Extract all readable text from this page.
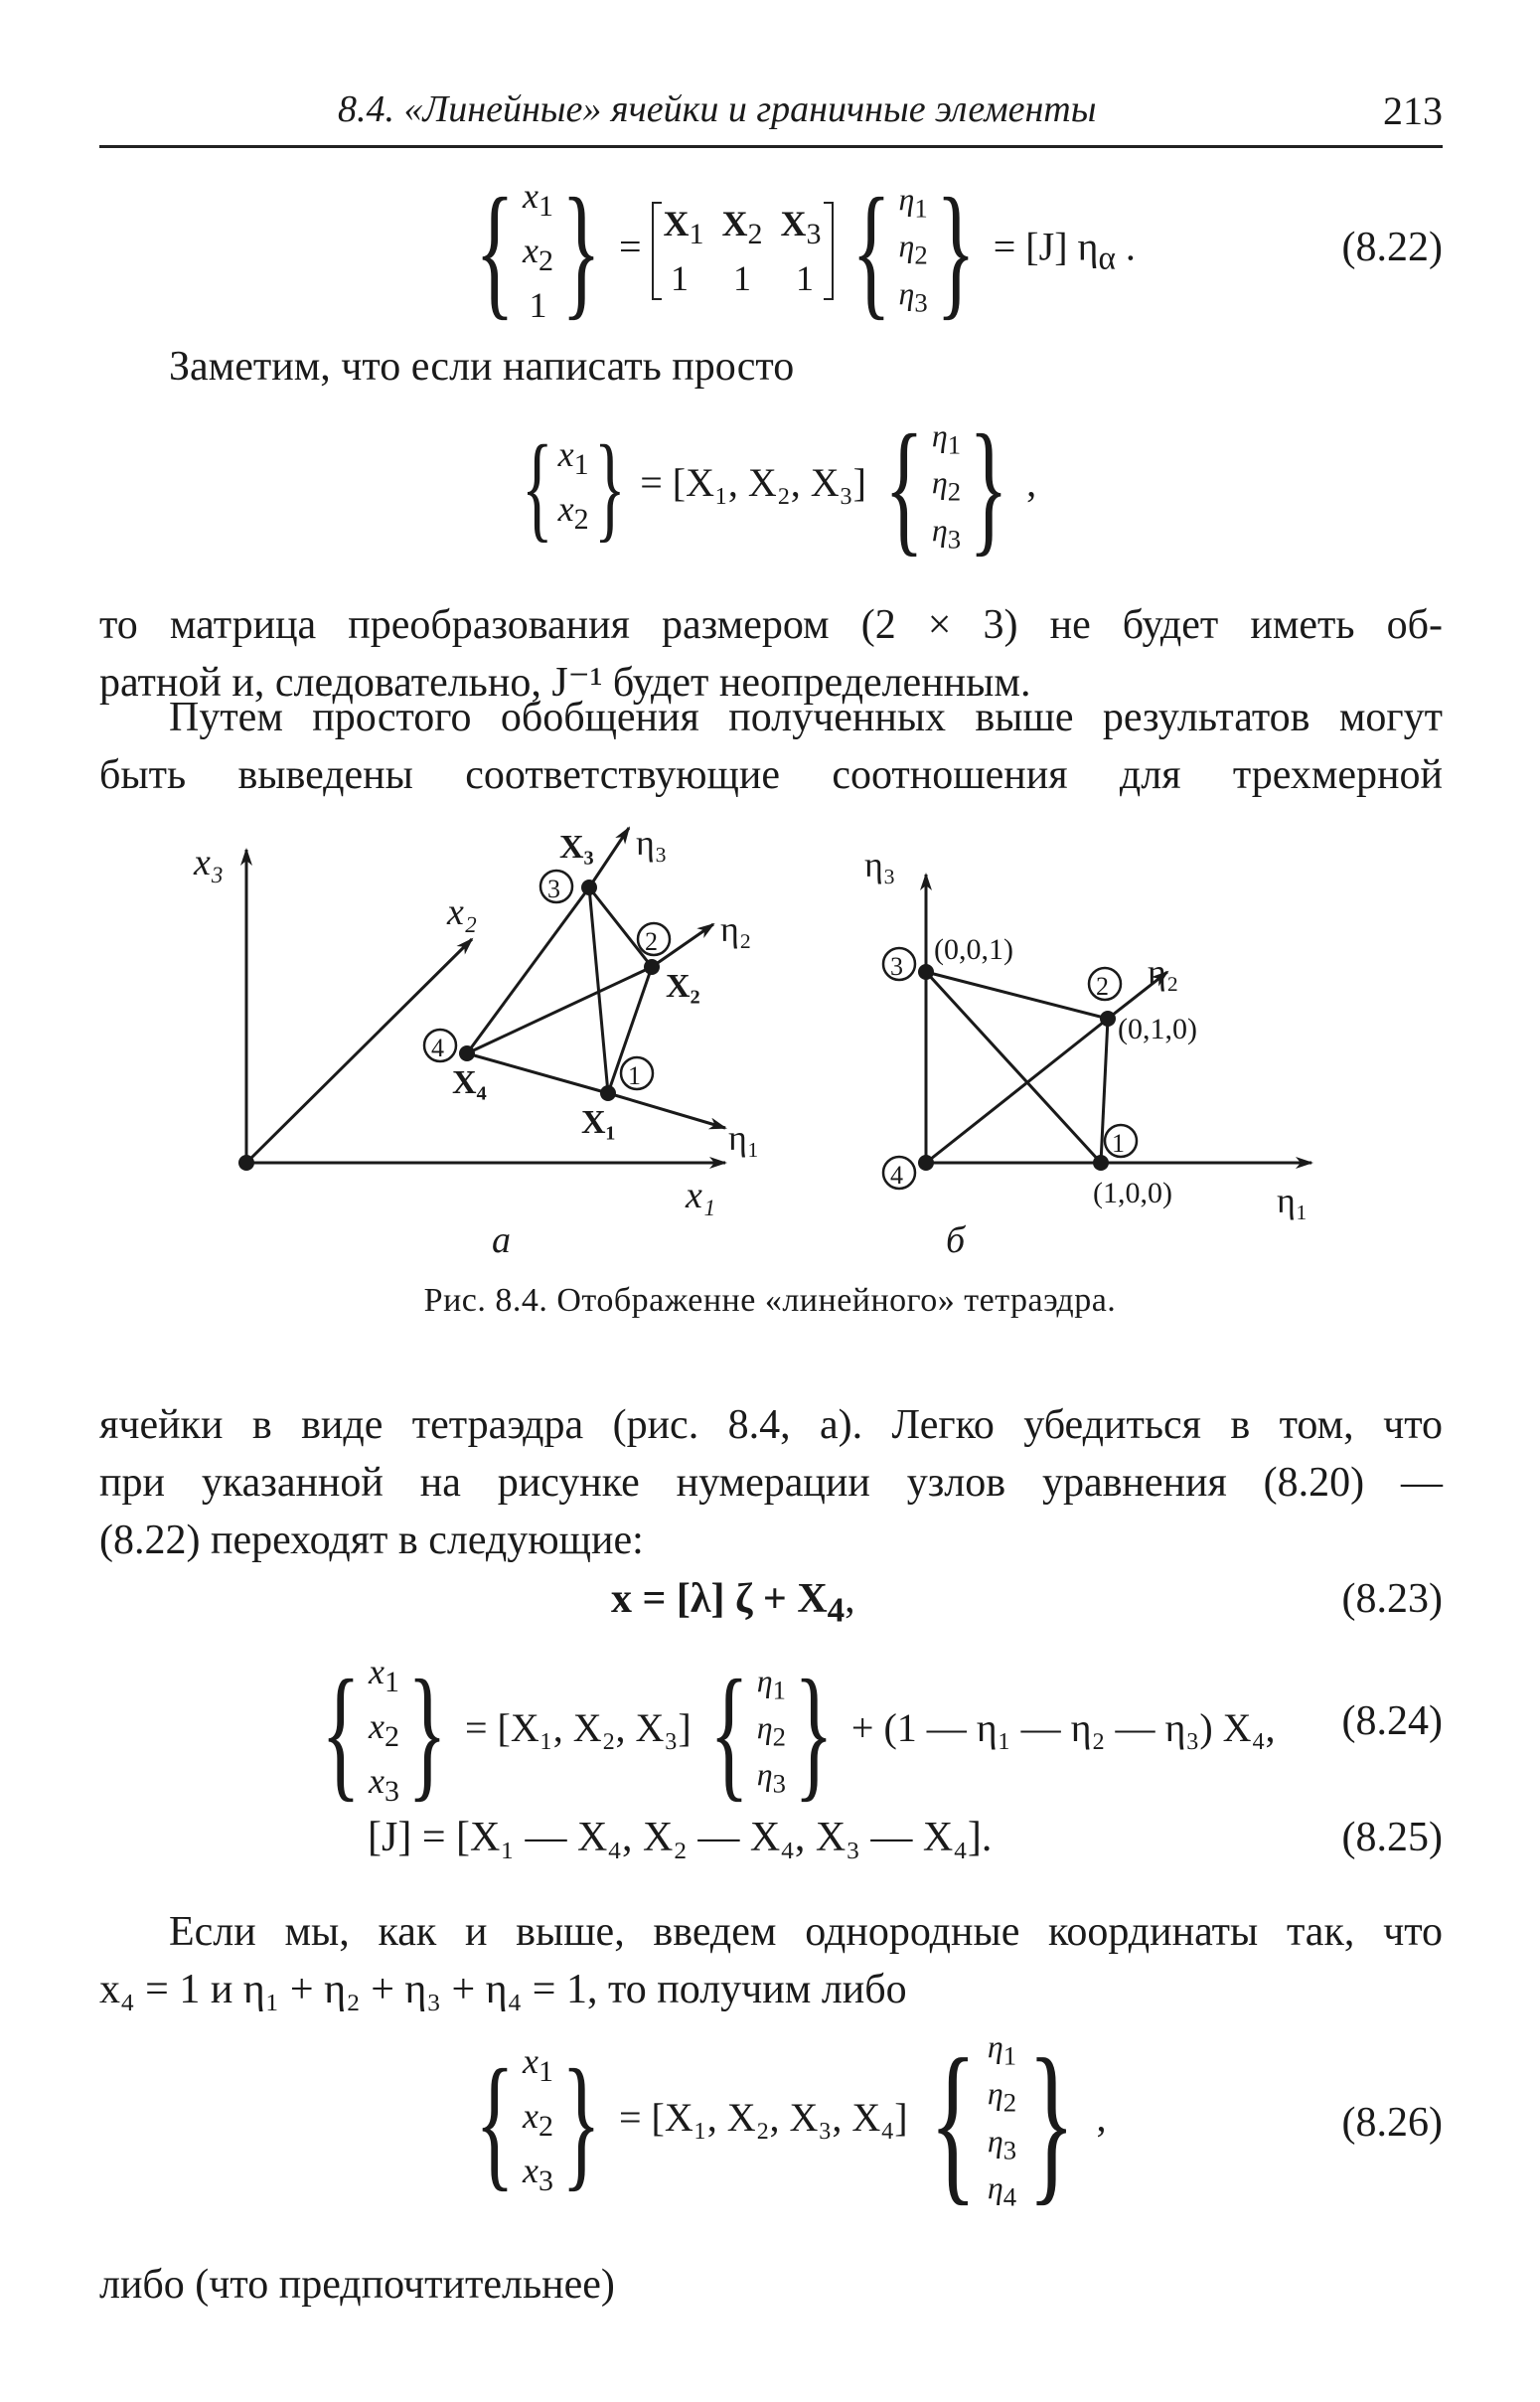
8.4. «Линейные» ячейки и граничные элементы	213
{ $x_1$
$x_2$
$1\} = X_1$ $X_2$ $X_3$
1     1     1 { $\eta_1$
$\eta_2$
$\eta_3\} = [J]$ $\eta_\alpha$ .	(8.22)
Заметим, что если написать просто
{ $x_1$
$x_2\} = [X_1$, X₂, X₃] { $\eta_1$
$\eta_2$
$\eta_3$} ,
то матрица преобразования размером (2 × 3) не будет иметь об-
ратной и, следовательно, J⁻¹ будет неопределенным.
Путем простого обобщения полученных выше результатов могут
быть выведены соответствующие соотношения для трехмерной
x₃
x₂
x₁
X₃ η₃
η₂
X₂
X₄
X₁	η₁
3
2
4
1
η₃
(0,0,1)
η₂
(0,1,0)
(1,0,0)	η₁
3
2
4
1
а	б
Рис. 8.4. Отображенне «линейного» тетраэдра.
ячейки в виде тетраэдра (рис. 8.4, а). Легко убедиться в том, что
при указанной на рисунке нумерации узлов уравнения (8.20) —
(8.22) переходят в следующие:
x = [λ] $\zeta + X_4$,	(8.23)
{ $x_1$
$x_2$
$x_3\} = [X_1$, X₂, X₃] { $\eta_1$
$\eta_2$
$\eta_3\} + (1$ — η₁ — η₂ — η₃) X₄, (8.24)
[J] = [X₁ — X₄, X₂ — X₄, X₃ — X₄].	(8.25)
Если мы, как и выше, введем однородные координаты так, что
x₄ = 1 и η₁ + η₂ + η₃ + η₄ = 1, то получим либо
{ $x_1$
$x_2$
$x_3\} = [X_1$, X₂, X₃, X₄] { $\eta_1$
$\eta_2$
$\eta_3$
$\eta_4$} ,	(8.26)
либо (что предпочтительнее)
